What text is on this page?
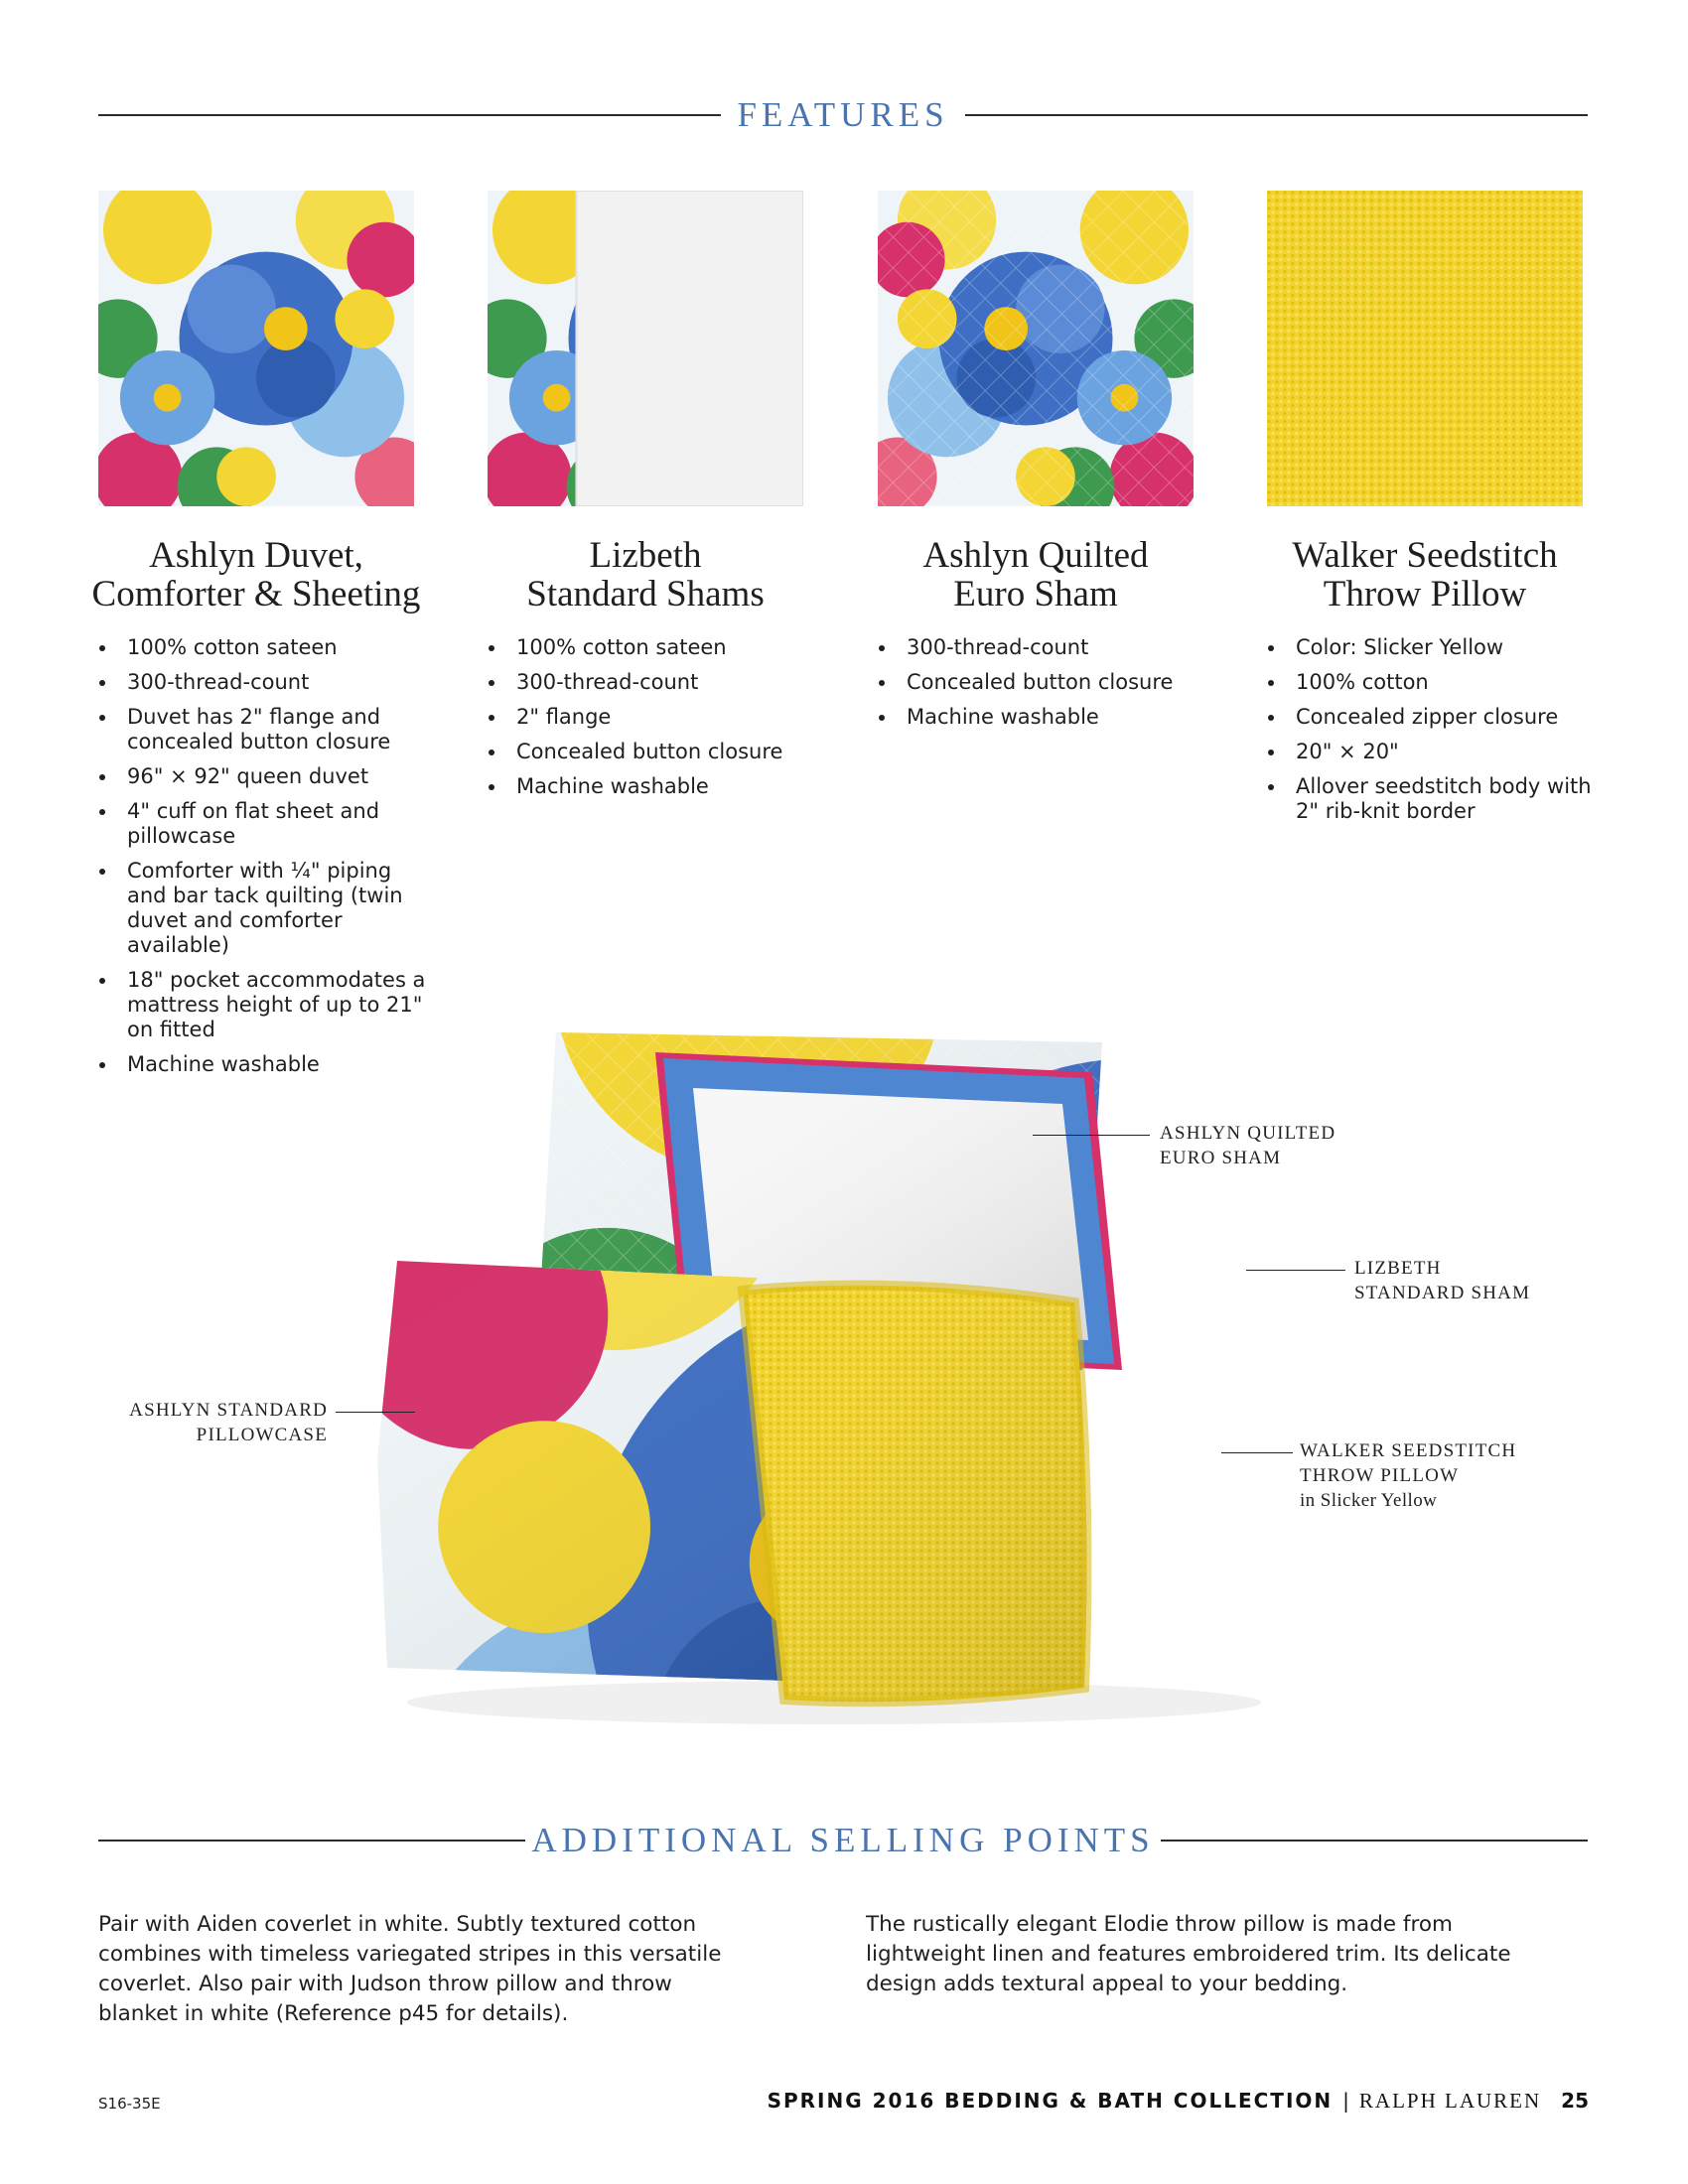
FEATURES
Ashlyn Duvet,
Comforter & Sheeting
Lizbeth
Standard Shams
Ashlyn Quilted
Euro Sham
Walker Seedstitch
Throw Pillow
100% cotton sateen
300-thread-count
Duvet has 2" flange and concealed button closure
96" × 92" queen duvet
4" cuff on flat sheet and pillowcase
Comforter with ¼" piping and bar tack quilting (twin duvet and comforter available)
18" pocket accommodates a mattress height of up to 21" on fitted
Machine washable
100% cotton sateen
300-thread-count
2" flange
Concealed button closure
Machine washable
300-thread-count
Concealed button closure
Machine washable
Color: Slicker Yellow
100% cotton
Concealed zipper closure
20" × 20"
Allover seedstitch body with 2" rib-knit border
ASHLYN QUILTED
EURO SHAM
LIZBETH
STANDARD SHAM
ASHLYN STANDARD
PILLOWCASE
WALKER SEEDSTITCH
THROW PILLOW
in Slicker Yellow
ADDITIONAL SELLING POINTS

Pair with Aiden coverlet in white. Subtly textured cotton combines with timeless variegated stripes in this versatile coverlet. Also pair with Judson throw pillow and throw blanket in white (Reference p45 for details).

The rustically elegant Elodie throw pillow is made from lightweight linen and features embroidered trim. Its delicate design adds textural appeal to your bedding.

S16-35E	SPRING 2016 BEDDING & BATH COLLECTION | RALPH LAUREN 25
